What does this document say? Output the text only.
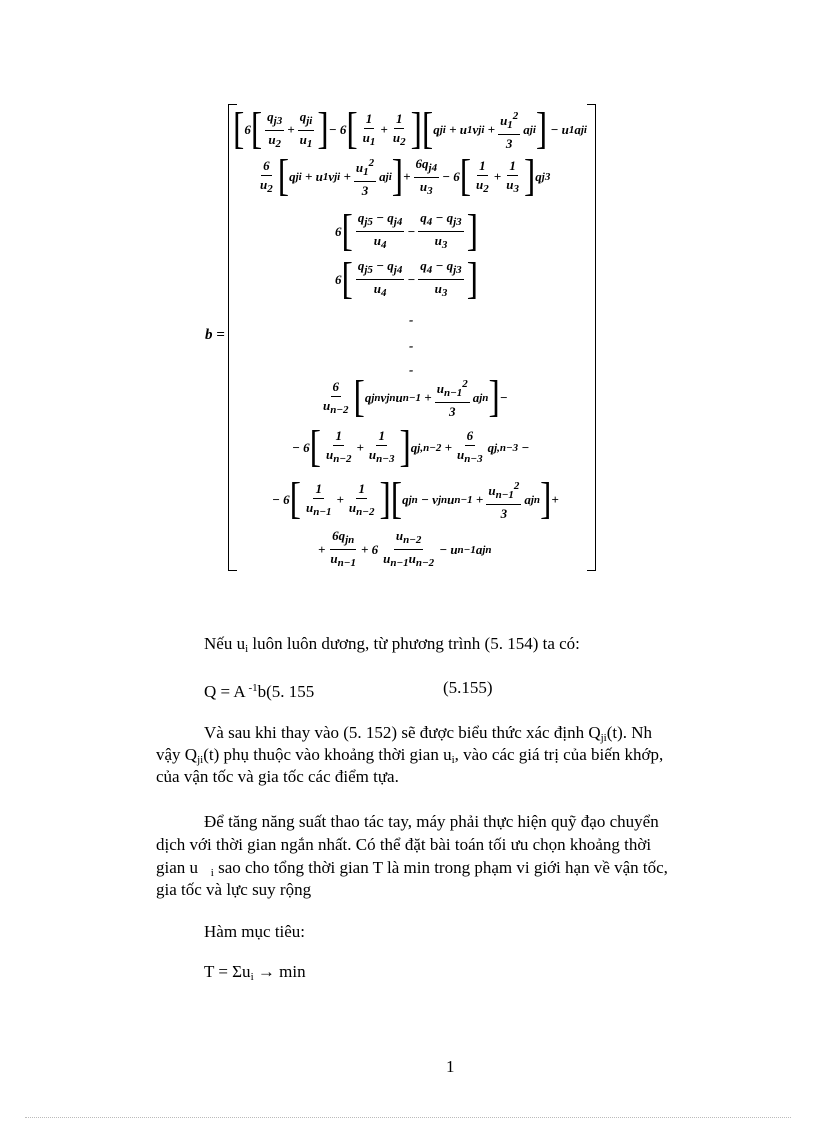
b =
[ 6 [ $\frac{q_{j3}}{u_2} + \frac{q_{ji}}{u_1}$ ] − 6 [ $\frac{1}{u_1} + \frac{1}{u_2}$ ][ q ji
+ u 1 v ji
+ $\frac{u_1^2}{3}$ a ji ]
− u 1 a ji
$\frac{6}{u_2}$ [ q ji
+ u 1 v ji
+ $\frac{u_1^2}{3}$ a ji ] + $\frac{6q_{j4}}{u_3} - 6$ [ $\frac{1}{u_2} + \frac{1}{u_3}$ ] q j3
6 [ $\frac{q_{j5} - q_{j4}}{u_4} - \frac{q_4 - q_{j3}}{u_3}$ ]
6 [ $\frac{q_{j5} - q_{j4}}{u_4} - \frac{q_4 - q_{j3}}{u_3}$ ]
-
-
-
$\frac{6}{u_{n-2}}$ [ q jn v jn u n−1
+ $\frac{u_{n-1}^2}{3}$ a jn ] −
− 6 [ $\frac{1}{u_{n-2}} + \frac{1}{u_{n-3}}$ ] q j,n−2
+ $\frac{6}{u_{n-3}}$ q j,n−3
−
− 6 [ $\frac{1}{u_{n-1}} + \frac{1}{u_{n-2}}$ ][ q jn
− v jn u n−1
+ $\frac{u_{n-1}^2}{3}$ a jn ] +
+ $\frac{6q_{jn}}{u_{n-1}} + 6 \frac{u_{n-2}}{u_{n-1}u_{n-2}} - u$ n−1 a jn
Nếu $u_i$ luôn luôn dương, từ phương trình (5. 154) ta có:
Q = A $^{-1}$b(5. 155	(5.155)
Và sau khi thay vào (5. 152) sẽ được biểu thức xác định $Q_{ji}(t)$. Nh
vậy $Q_{ji}(t)$ phụ thuộc vào khoảng thời gian $u_i$, vào các giá trị của biến khớp,
của vận tốc và gia tốc các điểm tựa.
Để tăng năng suất thao tác tay, máy phải thực hiện quỹ đạo chuyển
dịch với thời gian ngắn nhất. Có thể đặt bài toán tối ưu chọn khoảng thời
gian u $_i$ sao cho tổng thời gian T là min trong phạm vi giới hạn về vận tốc,
gia tốc và lực suy rộng
Hàm mục tiêu:
$T = \Sigma u_i \to \min$
1
